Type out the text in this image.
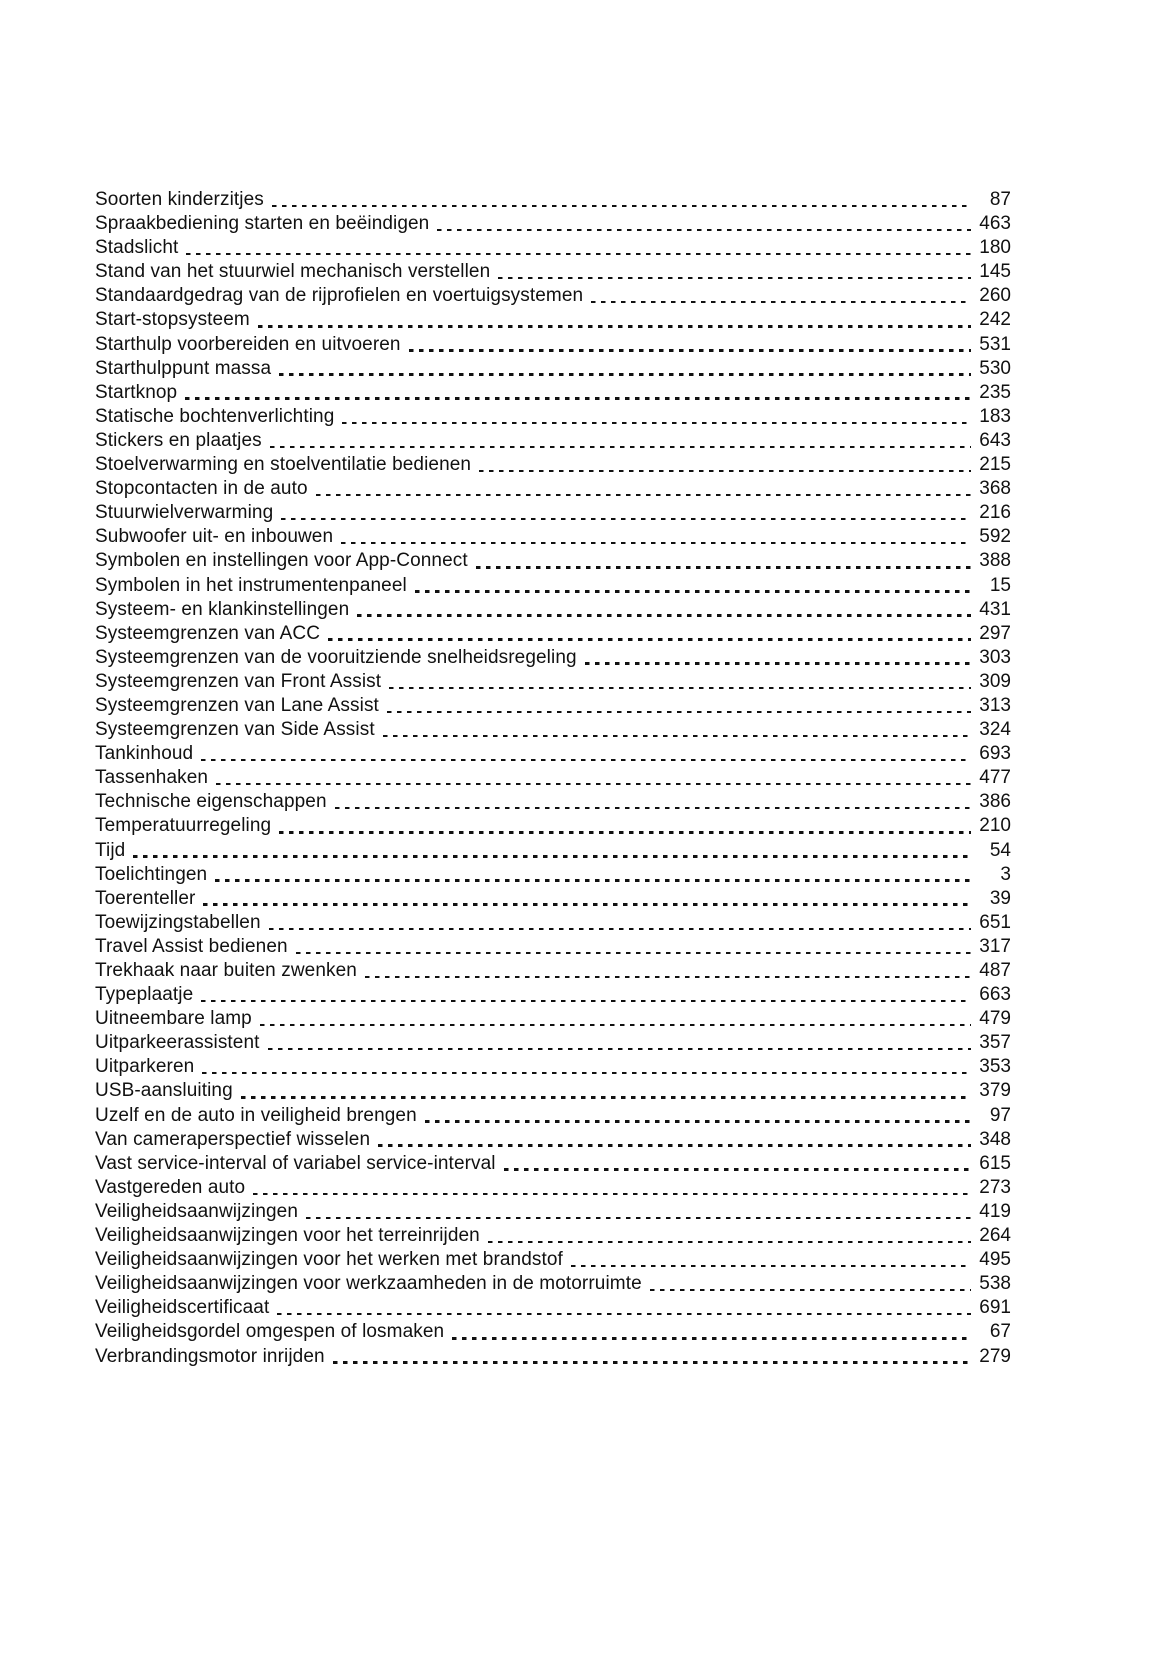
Soorten kinderzitjes	87
Spraakbediening starten en beëindigen	463
Stadslicht	180
Stand van het stuurwiel mechanisch verstellen	145
Standaardgedrag van de rijprofielen en voertuigsystemen	260
Start-stopsysteem	242
Starthulp voorbereiden en uitvoeren	531
Starthulppunt massa	530
Startknop	235
Statische bochtenverlichting	183
Stickers en plaatjes	643
Stoelverwarming en stoelventilatie bedienen	215
Stopcontacten in de auto	368
Stuurwielverwarming	216
Subwoofer uit- en inbouwen	592
Symbolen en instellingen voor App-Connect	388
Symbolen in het instrumentenpaneel	15
Systeem- en klankinstellingen	431
Systeemgrenzen van ACC	297
Systeemgrenzen van de vooruitziende snelheidsregeling	303
Systeemgrenzen van Front Assist	309
Systeemgrenzen van Lane Assist	313
Systeemgrenzen van Side Assist	324
Tankinhoud	693
Tassenhaken	477
Technische eigenschappen	386
Temperatuurregeling	210
Tijd	54
Toelichtingen	3
Toerenteller	39
Toewijzingstabellen	651
Travel Assist bedienen	317
Trekhaak naar buiten zwenken	487
Typeplaatje	663
Uitneembare lamp	479
Uitparkeerassistent	357
Uitparkeren	353
USB-aansluiting	379
Uzelf en de auto in veiligheid brengen	97
Van cameraperspectief wisselen	348
Vast service-interval of variabel service-interval	615
Vastgereden auto	273
Veiligheidsaanwijzingen	419
Veiligheidsaanwijzingen voor het terreinrijden	264
Veiligheidsaanwijzingen voor het werken met brandstof	495
Veiligheidsaanwijzingen voor werkzaamheden in de motorruimte	538
Veiligheidscertificaat	691
Veiligheidsgordel omgespen of losmaken	67
Verbrandingsmotor inrijden	279
